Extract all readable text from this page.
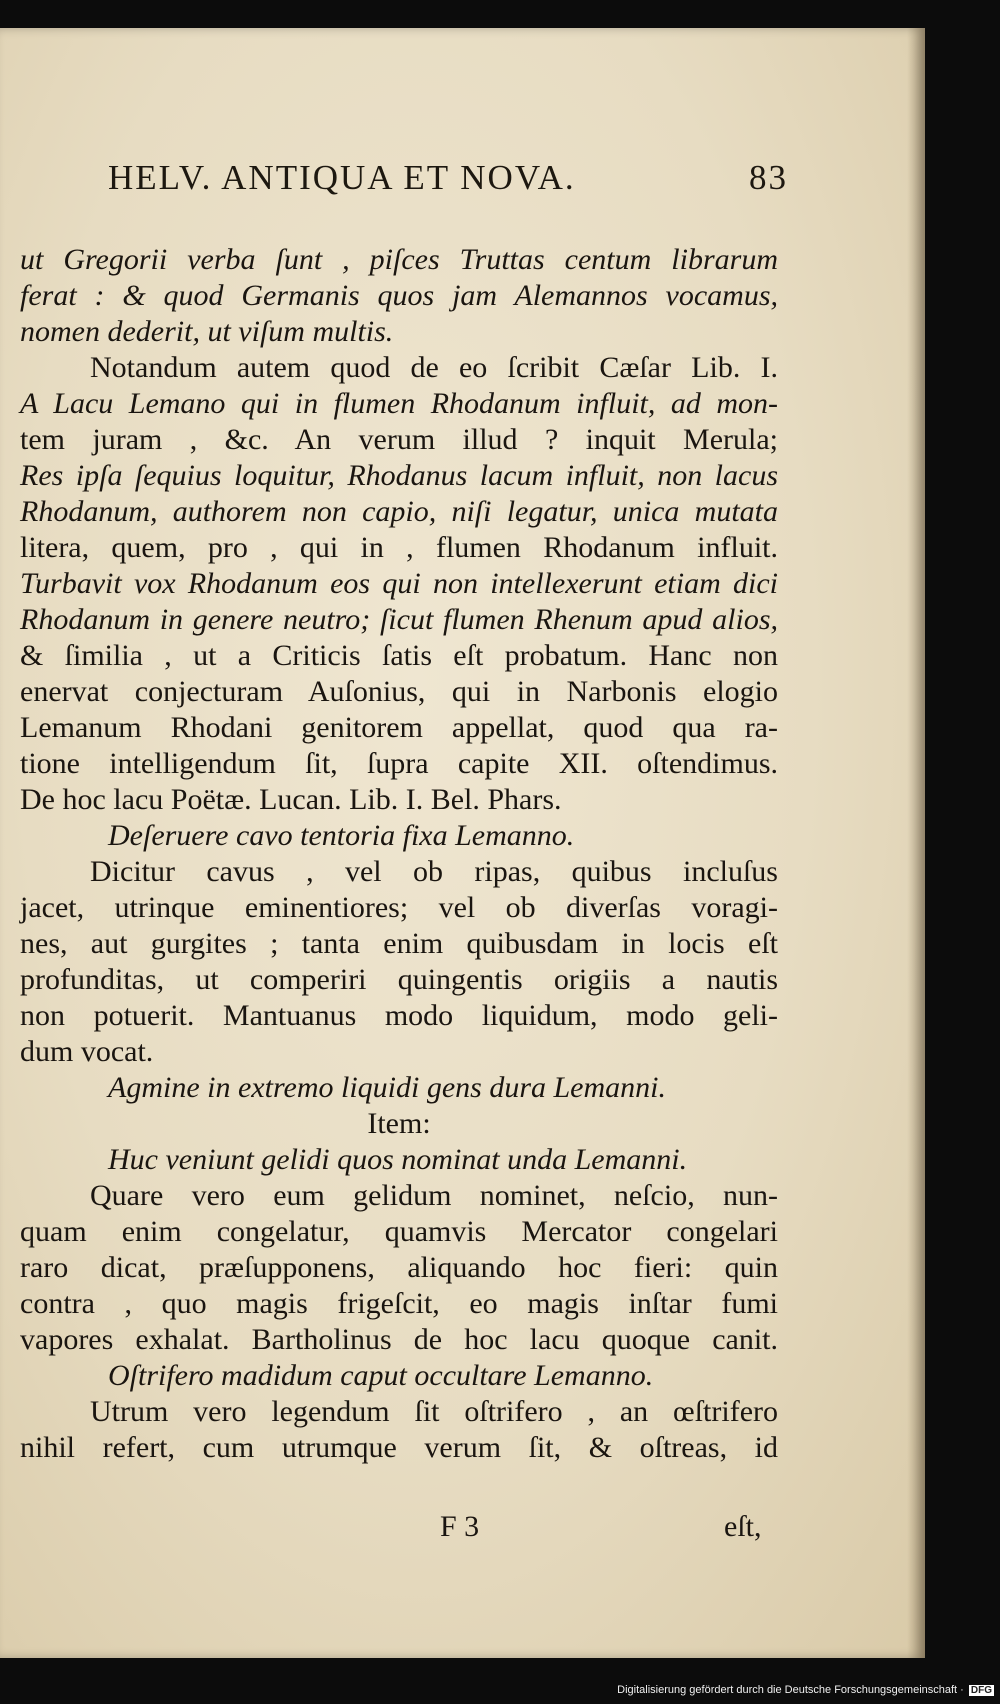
HELV. ANTIQUA ET NOVA.	83
ut Gregorii verba ſunt , piſces Truttas centum librarum
ferat : & quod Germanis quos jam Alemannos vocamus,
nomen dederit, ut viſum multis.
Notandum autem quod de eo ſcribit Cæſar Lib. I.
A Lacu Lemano qui in flumen Rhodanum influit, ad mon-
tem juram , &c. An verum illud ? inquit Merula;
Res ipſa ſequius loquitur, Rhodanus lacum influit, non lacus
Rhodanum, authorem non capio, niſi legatur, unica mutata
litera, quem, pro , qui in , flumen Rhodanum influit.
Turbavit vox Rhodanum eos qui non intellexerunt etiam dici
Rhodanum in genere neutro; ſicut flumen Rhenum apud alios,
& ſimilia , ut a Criticis ſatis eſt probatum. Hanc non
enervat conjecturam Auſonius, qui in Narbonis elogio
Lemanum Rhodani genitorem appellat, quod qua ra-
tione intelligendum ſit, ſupra capite XII. oſtendimus.
De hoc lacu Poëtæ. Lucan. Lib. I. Bel. Phars.
Deſeruere cavo tentoria fixa Lemanno.
Dicitur cavus , vel ob ripas, quibus incluſus
jacet, utrinque eminentiores; vel ob diverſas voragi-
nes, aut gurgites ; tanta enim quibusdam in locis eſt
profunditas, ut comperiri quingentis origiis a nautis
non potuerit. Mantuanus modo liquidum, modo geli-
dum vocat.
Agmine in extremo liquidi gens dura Lemanni.
Item:
Huc veniunt gelidi quos nominat unda Lemanni.
Quare vero eum gelidum nominet, neſcio, nun-
quam enim congelatur, quamvis Mercator congelari
raro dicat, præſupponens, aliquando hoc fieri: quin
contra , quo magis frigeſcit, eo magis inſtar fumi
vapores exhalat. Bartholinus de hoc lacu quoque canit.
Oſtrifero madidum caput occultare Lemanno.
Utrum vero legendum ſit oſtrifero , an œſtrifero
nihil refert, cum utrumque verum ſit, & oſtreas, id
F 3	eſt,
Digitalisierung gefördert durch die Deutsche Forschungsgemeinschaft · DFG
